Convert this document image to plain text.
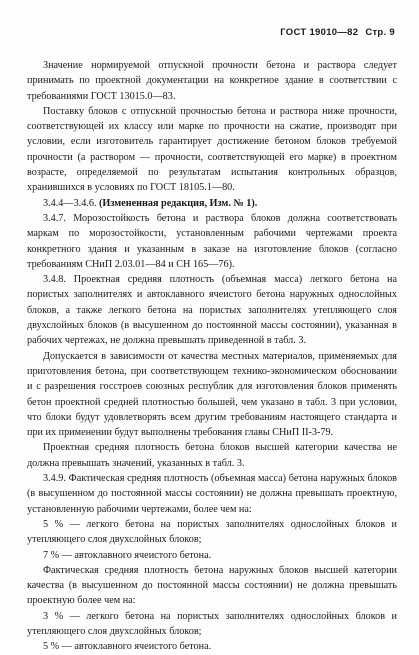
ГОСТ 19010—82 Стр. 9

Значение нормируемой отпускной прочности бетона и раствора следует принимать по проектной документации на конкретное здание в соответствии с требованиями ГОСТ 13015.0—83.

Поставку блоков с отпускной прочностью бетона и раствора ниже прочности, соответствующей их классу или марке по прочности на сжатие, производят при условии, если изготовитель гарантирует достижение бетоном блоков требуемой прочности (а раствором — прочности, соответствующей его марке) в проектном возрасте, определяемой по результатам испытания контрольных образцов, хранившихся в условиях по ГОСТ 18105.1—80.

3.4.4—3.4.6. (Измененная редакция, Изм. № 1).

3.4.7. Морозостойкость бетона и раствора блоков должна соответствовать маркам по морозостойкости, установленным рабочими чертежами проекта конкретного здания и указанным в заказе на изготовление блоков (согласно требованиям СНиП 2.03.01—84 и СН 165—76).

3.4.8. Проектная средняя плотность (объемная масса) легкого бетона на пористых заполнителях и автоклавного ячеистого бетона наружных однослойных блоков, а также легкого бетона на пористых заполнителях утепляющего слоя двухслойных блоков (в высушенном до постоянной массы состоянии), указанная в рабочих чертежах, не должна превышать приведенной в табл. 3.

Допускается в зависимости от качества местных материалов, применяемых для приготовления бетона, при соответствующем технико-экономическом обосновании и с разрешения госстроев союзных республик для изготовления блоков применять бетон проектной средней плотностью большей, чем указано в табл. 3 при условии, что блоки будут удовлетворять всем другим требованиям настоящего стандарта и при их применении будут выполнены требования главы СНиП II-3-79.

Проектная средняя плотность бетона блоков высшей категории качества не должна превышать значений, указанных в табл. 3.

3.4.9. Фактическая средняя плотность (объемная масса) бетона наружных блоков (в высушенном до постоянной массы состоянии) не должна превышать проектную, установленную рабочими чертежами, более чем на:

5 % — легкого бетона на пористых заполнителях однослойных блоков и утепляющего слоя двухслойных блоков;

7 % — автоклавного ячеистого бетона.

Фактическая средняя плотность бетона наружных блоков высшей категории качества (в высушенном до постоянной массы состоянии) не должна превышать проектную более чем на:

3 % — легкого бетона на пористых заполнителях однослойных блоков и утепляющего слоя двухслойных блоков;

5 % — автоклавного ячеистого бетона.
